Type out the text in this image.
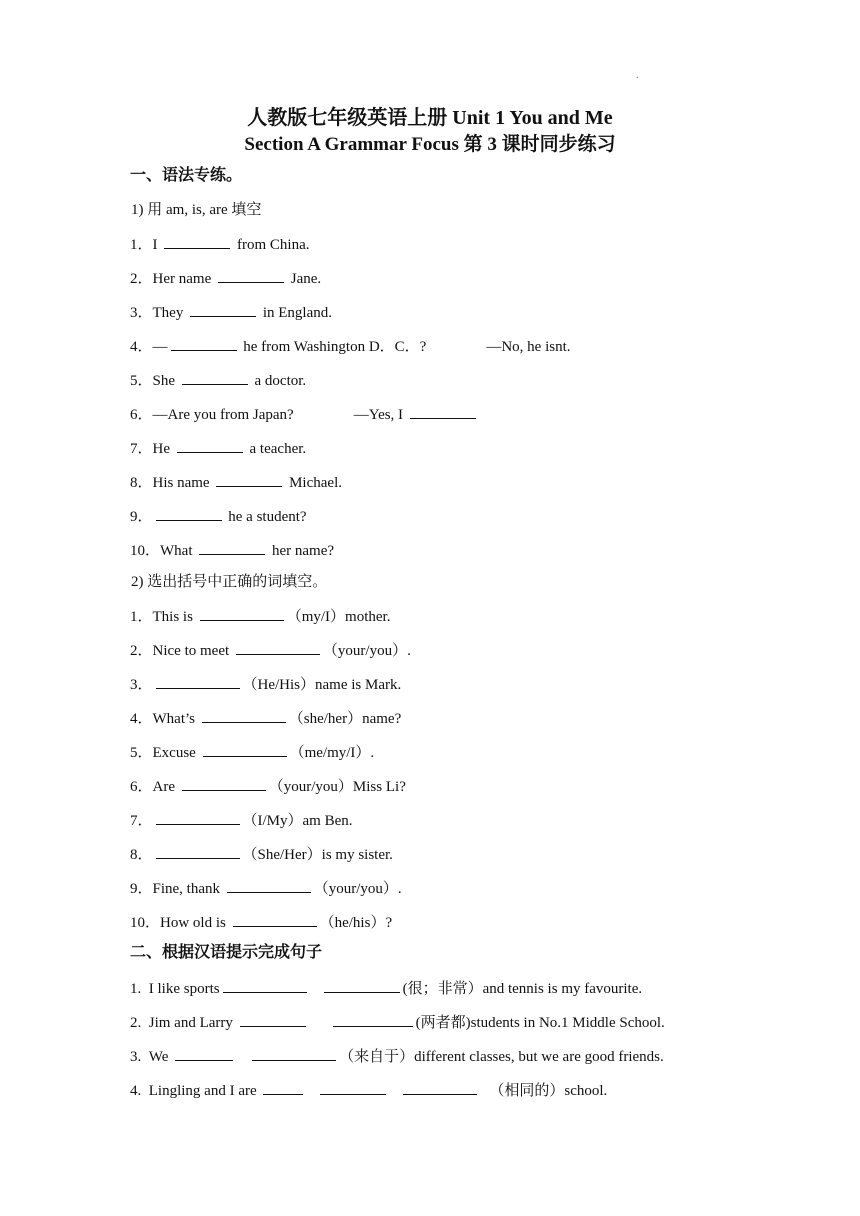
.
人教版七年级英语上册 Unit 1 You and Me
Section A Grammar Focus 第 3 课时同步练习
一、语法专练。
1) 用 am, is, are 填空
1．I	from China.
2．Her name	Jane.
3．They	in England.
4．—	he from Washington D．C．?	—No, he isnt.
5．She	a doctor.
6．—Are you from Japan?	—Yes, I
7．He	a teacher.
8．His name	Michael.
9．	he a student?
10．What	her name?
2) 选出括号中正确的词填空。
1．This is	（my/I）mother.
2．Nice to meet	（your/you）.
3．	（He/His）name is Mark.
4．What’s	（she/her）name?
5．Excuse	（me/my/I）.
6．Are	（your/you）Miss Li?
7．	（I/My）am Ben.
8．	（She/Her）is my sister.
9．Fine, thank	（your/you）.
10．How old is	（he/his）?
二、根据汉语提示完成句子
1. I like sports	(很；非常）and tennis is my favourite.
2. Jim and Larry	(两者都)students in No.1 Middle School.
3. We	（来自于）different classes, but we are good friends.
4. Lingling and I are	（相同的）school.
